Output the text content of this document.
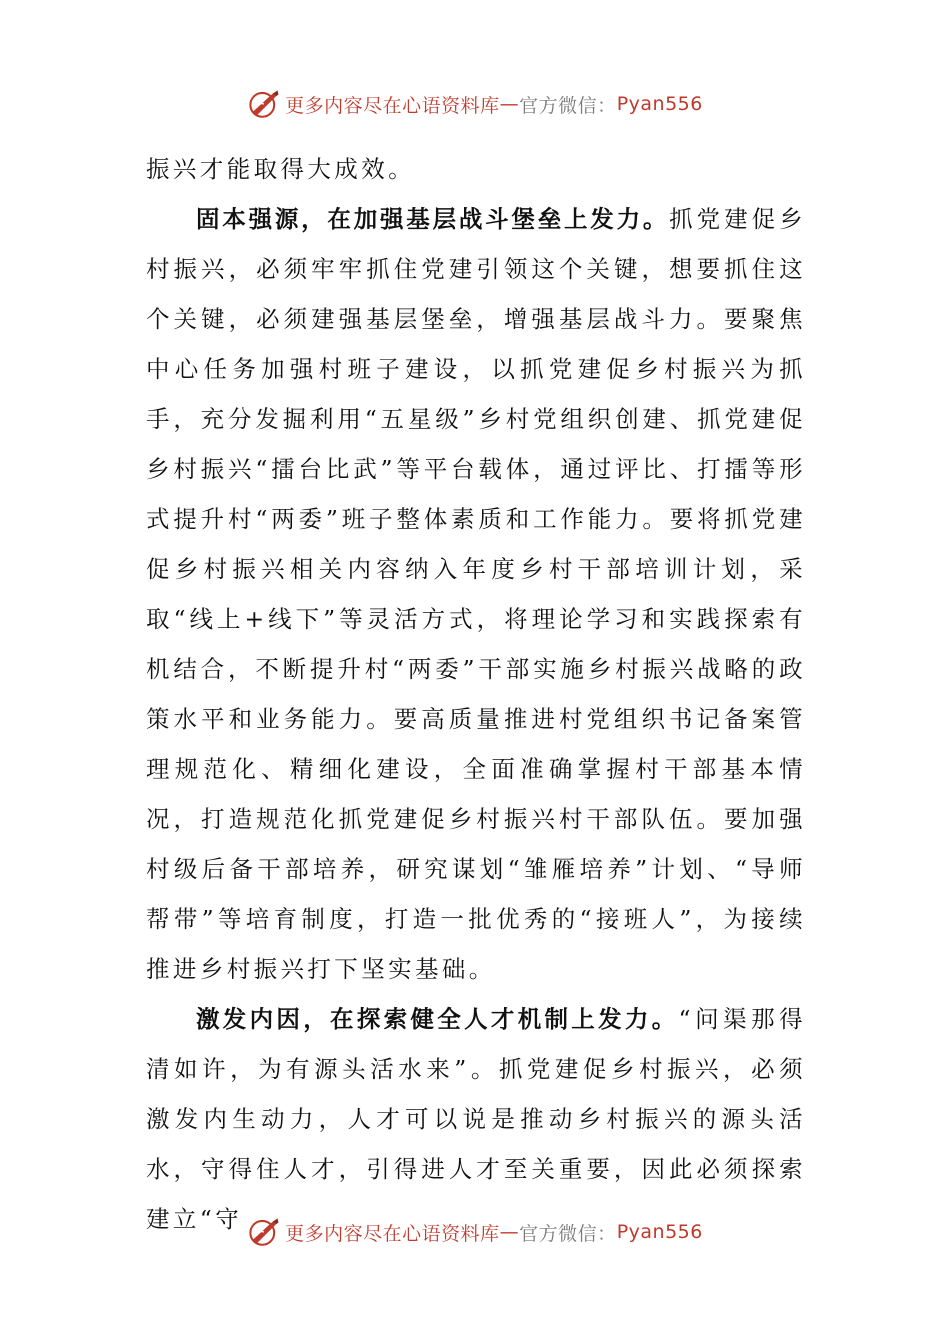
更多内容尽在心语资料库 — 官方微信： Pyan556

振兴才能取得大成效。

固本强源，在加强基层战斗堡垒上发力。抓党建促乡村振兴，必须牢牢抓住党建引领这个关键，想要抓住这个关键，必须建强基层堡垒，增强基层战斗力。要聚焦中心任务加强村班子建设，以抓党建促乡村振兴为抓手，充分发掘利用“五星级”乡村党组织创建、抓党建促乡村振兴“擂台比武”等平台载体，通过评比、打擂等形式提升村“两委”班子整体素质和工作能力。要将抓党建促乡村振兴相关内容纳入年度乡村干部培训计划，采取“线上+线下”等灵活方式，将理论学习和实践探索有机结合，不断提升村“两委”干部实施乡村振兴战略的政策水平和业务能力。要高质量推进村党组织书记备案管理规范化、精细化建设，全面准确掌握村干部基本情况，打造规范化抓党建促乡村振兴村干部队伍。要加强村级后备干部培养，研究谋划“雏雁培养”计划、“导师帮带”等培育制度，打造一批优秀的“接班人”，为接续推进乡村振兴打下坚实基础。

激发内因，在探索健全人才机制上发力。“问渠那得清如许，为有源头活水来”。抓党建促乡村振兴，必须激发内生动力，人才可以说是推动乡村振兴的源头活水，守得住人才，引得进人才至关重要，因此必须探索建立“守

更多内容尽在心语资料库 — 官方微信： Pyan556
